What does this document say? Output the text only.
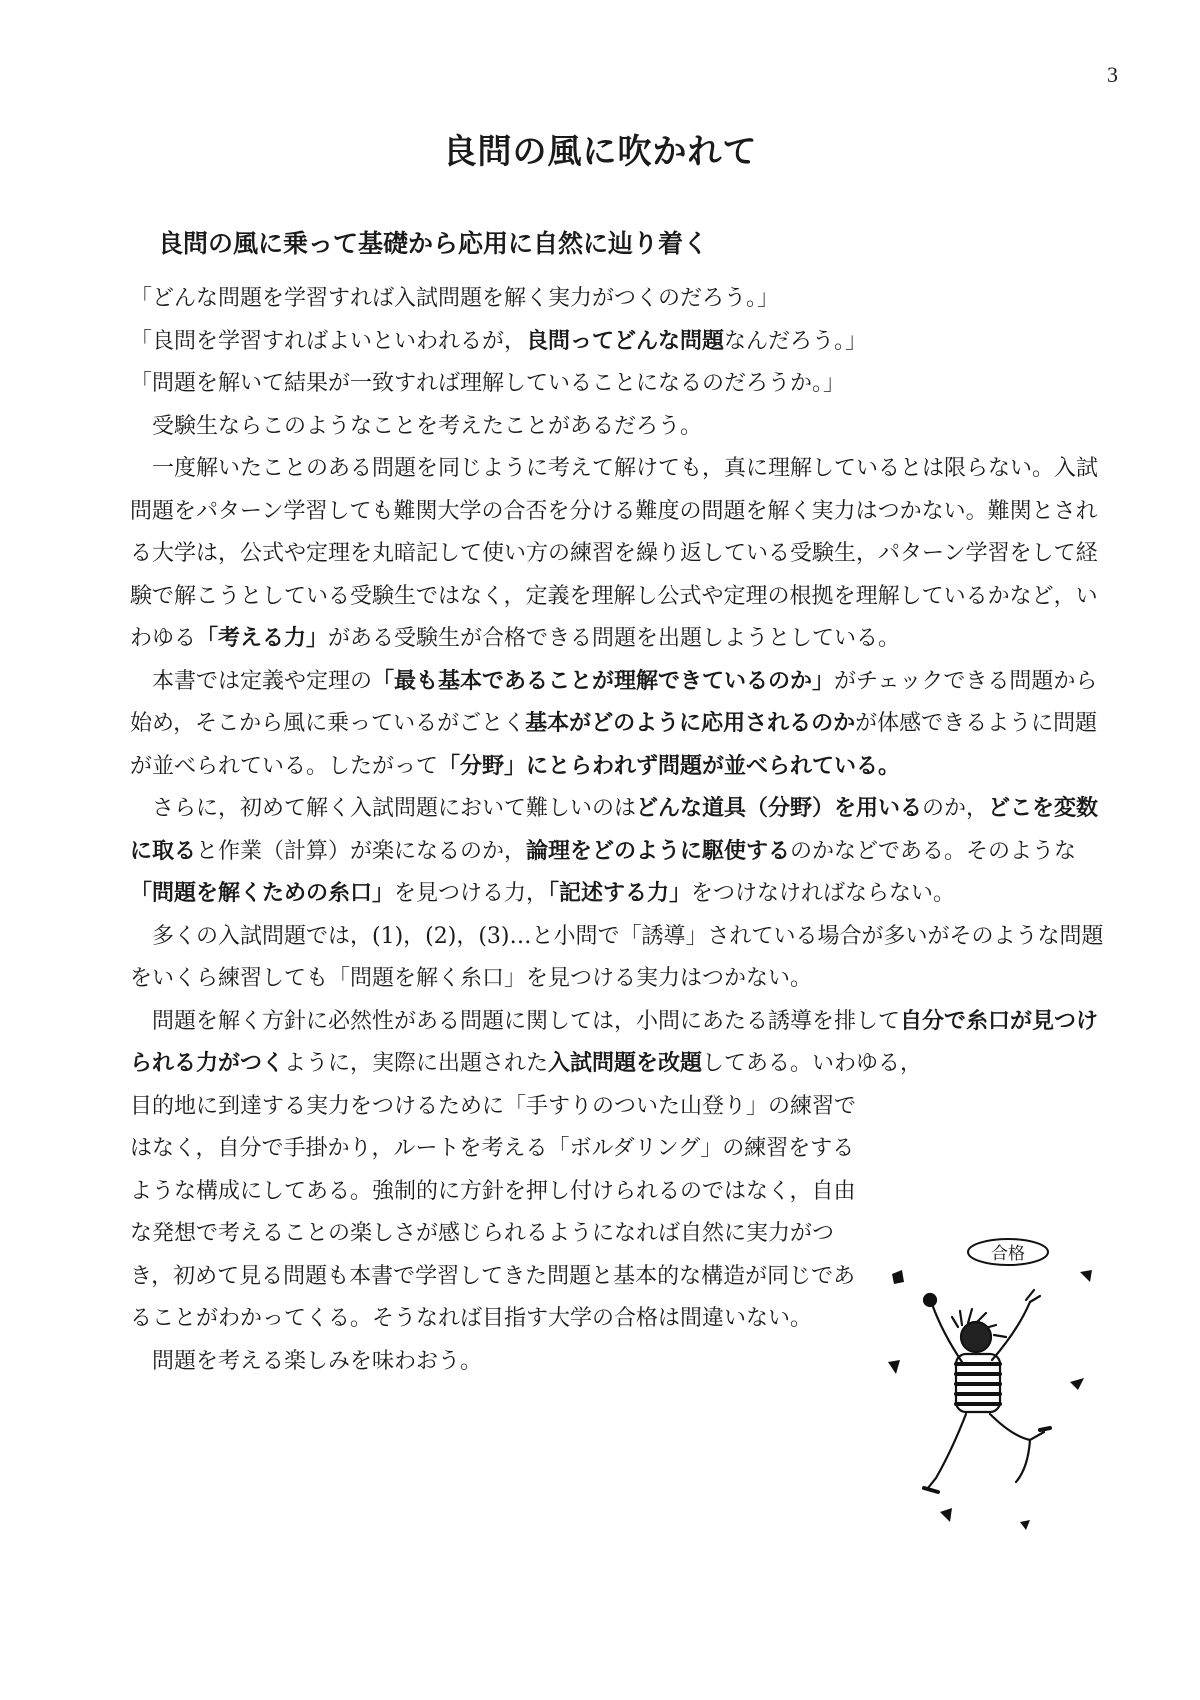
3
良問の風に吹かれて
良問の風に乗って基礎から応用に自然に辿り着く

「どんな問題を学習すれば入試問題を解く実力がつくのだろう。」

「良問を学習すればよいといわれるが，良問ってどんな問題なんだろう。」

「問題を解いて結果が一致すれば理解していることになるのだろうか。」

受験生ならこのようなことを考えたことがあるだろう。

一度解いたことのある問題を同じように考えて解けても，真に理解しているとは限らない。入試問題をパターン学習しても難関大学の合否を分ける難度の問題を解く実力はつかない。難関とされる大学は，公式や定理を丸暗記して使い方の練習を繰り返している受験生，パターン学習をして経験で解こうとしている受験生ではなく，定義を理解し公式や定理の根拠を理解しているかなど，いわゆる「考える力」がある受験生が合格できる問題を出題しようとしている。

本書では定義や定理の「最も基本であることが理解できているのか」がチェックできる問題から始め，そこから風に乗っているがごとく基本がどのように応用されるのかが体感できるように問題が並べられている。したがって「分野」にとらわれず問題が並べられている。

さらに，初めて解く入試問題において難しいのはどんな道具（分野）を用いるのか，どこを変数に取ると作業（計算）が楽になるのか，論理をどのように駆使するのかなどである。そのような「問題を解くための糸口」を見つける力，「記述する力」をつけなければならない。

多くの入試問題では，(1)，(2)，(3)…と小問で「誘導」されている場合が多いがそのような問題をいくら練習しても「問題を解く糸口」を見つける実力はつかない。

問題を解く方針に必然性がある問題に関しては，小問にあたる誘導を排して自分で糸口が見つけられる力がつくように，実際に出題された入試問題を改題してある。いわゆる，

目的地に到達する実力をつけるために「手すりのついた山登り」の練習ではなく，自分で手掛かり，ルートを考える「ボルダリング」の練習をするような構成にしてある。強制的に方針を押し付けられるのではなく，自由な発想で考えることの楽しさが感じられるようになれば自然に実力がつき，初めて見る問題も本書で学習してきた問題と基本的な構造が同じであることがわかってくる。そうなれば目指す大学の合格は間違いない。

問題を考える楽しみを味わおう。

合格
